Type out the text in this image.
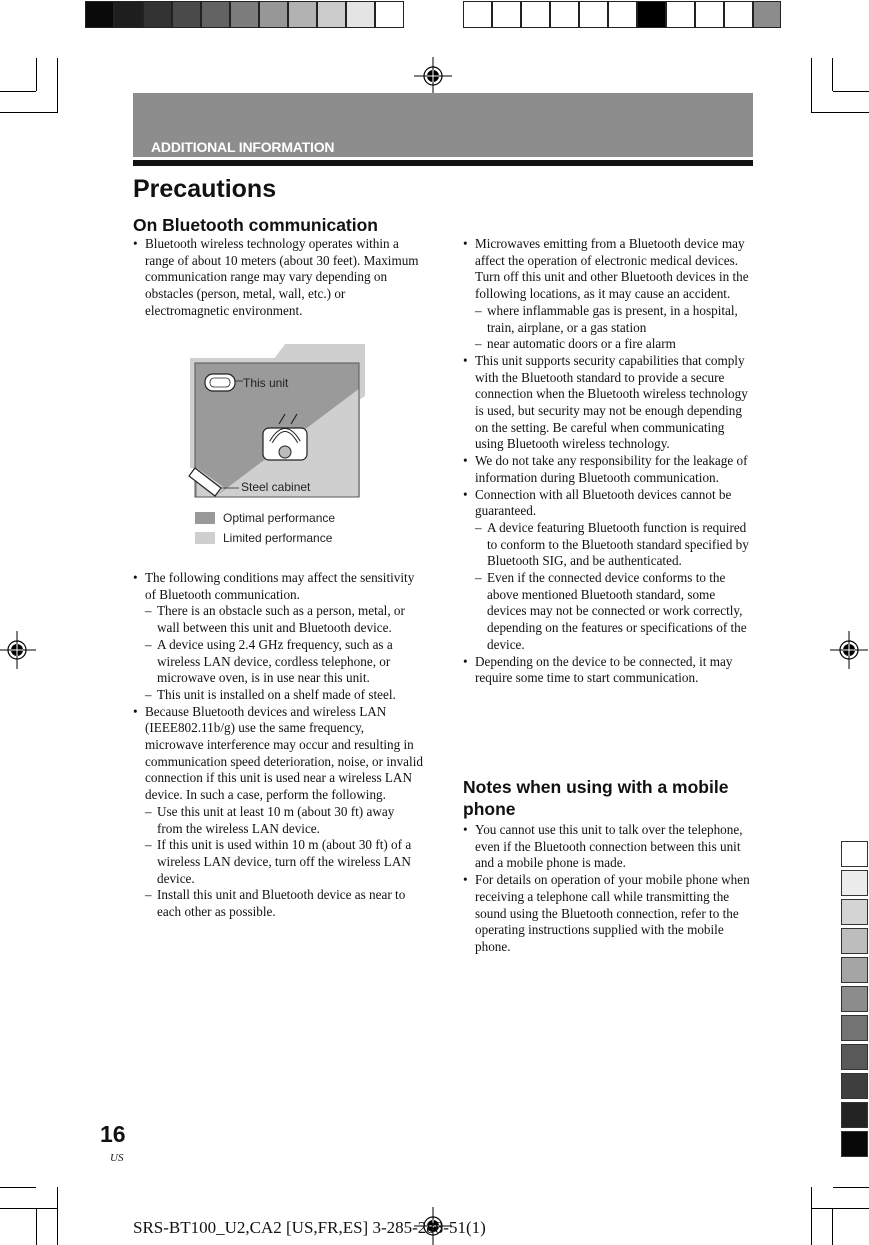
ADDITIONAL INFORMATION
Precautions
On Bluetooth communication
• Bluetooth wireless technology operates within a range of about 10 meters (about 30 feet). Maximum communication range may vary depending on obstacles (person, metal, wall, etc.) or electromagnetic environment.
This unit
Steel cabinet
Optimal performance
Limited performance
• The following conditions may affect the sensitivity of Bluetooth communication.
– There is an obstacle such as a person, metal, or wall between this unit and Bluetooth device.
– A device using 2.4 GHz frequency, such as a wireless LAN device, cordless telephone, or microwave oven, is in use near this unit.
– This unit is installed on a shelf made of steel.
• Because Bluetooth devices and wireless LAN (IEEE802.11b/g) use the same frequency, microwave interference may occur and resulting in communication speed deterioration, noise, or invalid connection if this unit is used near a wireless LAN device. In such a case, perform the following.
– Use this unit at least 10 m (about 30 ft) away from the wireless LAN device.
– If this unit is used within 10 m (about 30 ft) of a wireless LAN device, turn off the wireless LAN device.
– Install this unit and Bluetooth device as near to each other as possible.
• Microwaves emitting from a Bluetooth device may affect the operation of electronic medical devices. Turn off this unit and other Bluetooth devices in the following locations, as it may cause an accident.
– where inflammable gas is present, in a hospital, train, airplane, or a gas station
– near automatic doors or a fire alarm
• This unit supports security capabilities that comply with the Bluetooth standard to provide a secure connection when the Bluetooth wireless technology is used, but security may not be enough depending on the setting. Be careful when communicating using Bluetooth wireless technology.
• We do not take any responsibility for the leakage of information during Bluetooth communication.
• Connection with all Bluetooth devices cannot be guaranteed.
– A device featuring Bluetooth function is required to conform to the Bluetooth standard specified by Bluetooth SIG, and be authenticated.
– Even if the connected device conforms to the above mentioned Bluetooth standard, some devices may not be connected or work correctly, depending on the features or specifications of the device.
• Depending on the device to be connected, it may require some time to start communication.
Notes when using with a mobile phone
• You cannot use this unit to talk over the telephone, even if the Bluetooth connection between this unit and a mobile phone is made.
• For details on operation of your mobile phone when receiving a telephone call while transmitting the sound using the Bluetooth connection, refer to the operating instructions supplied with the mobile phone.
16
US
SRS-BT100_U2,CA2 [US,FR,ES] 3-285-288-51(1)
